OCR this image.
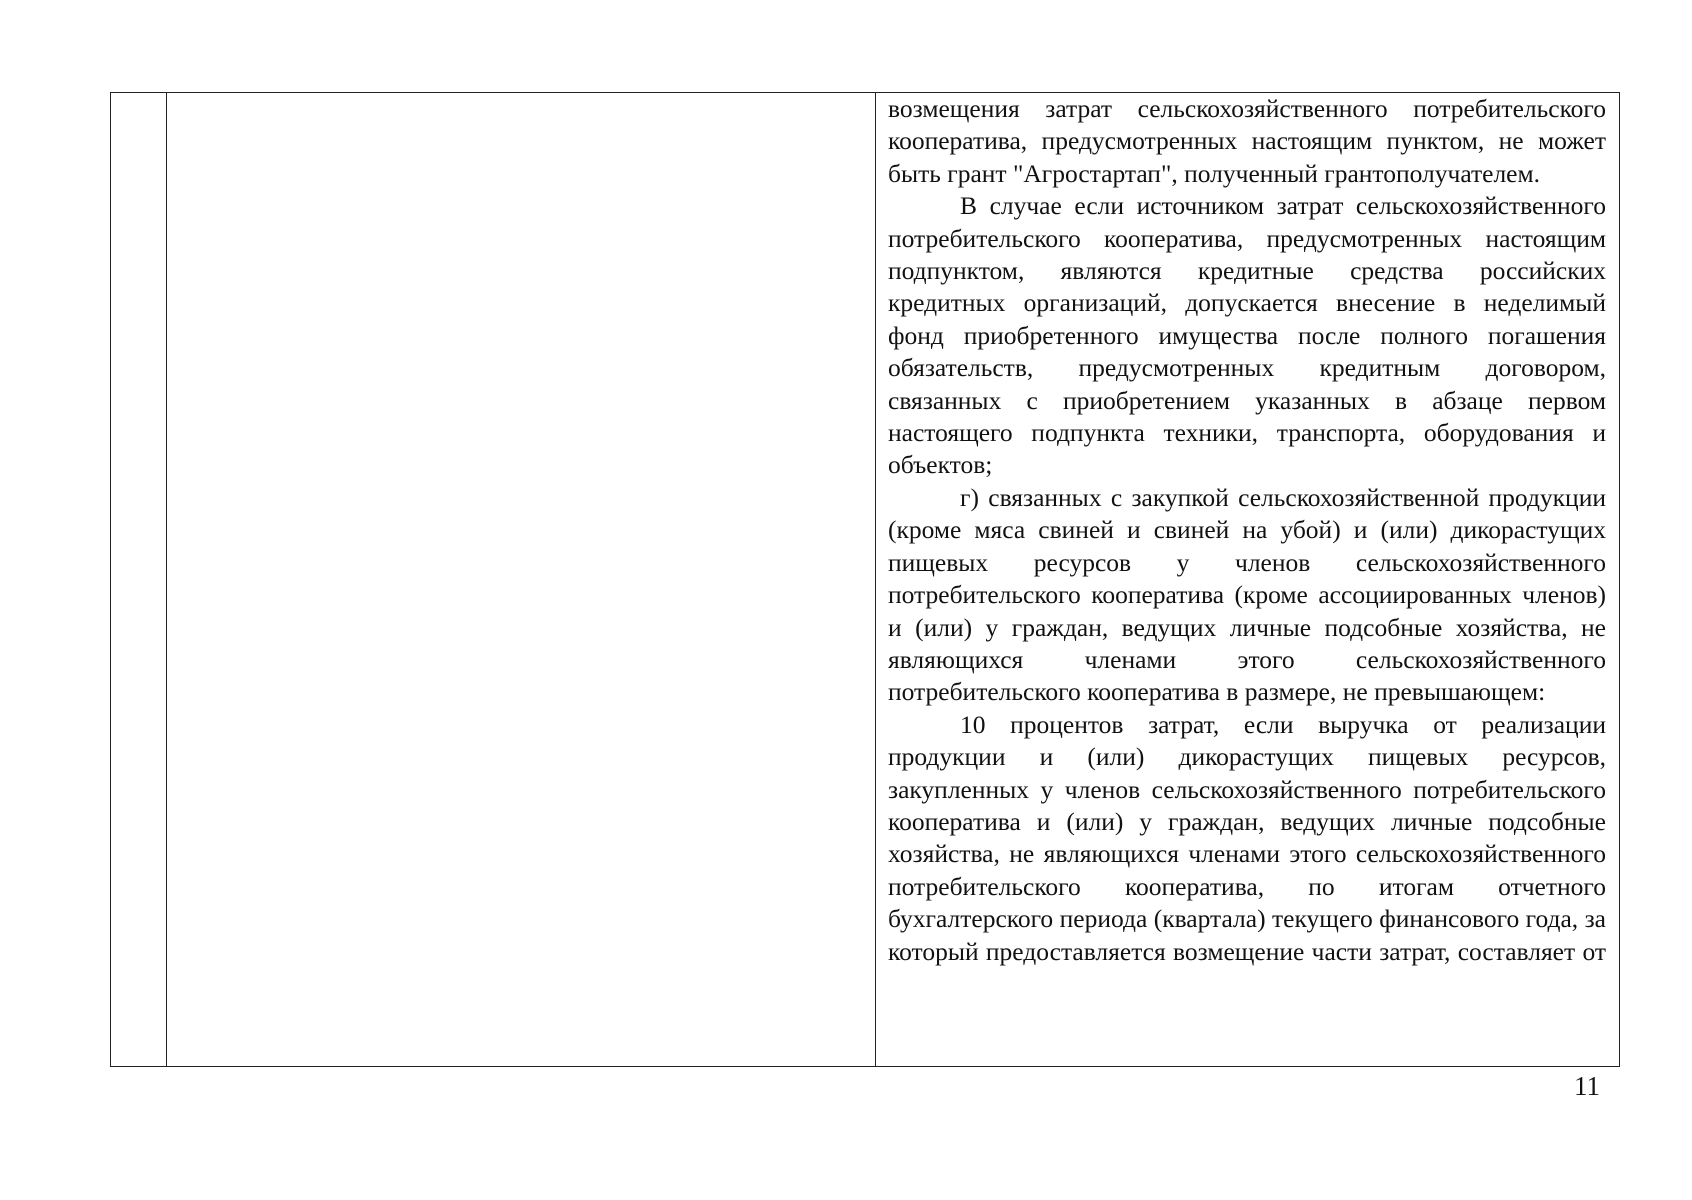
возмещения затрат сельскохозяйственного потребительского кооператива, предусмотренных настоящим пунктом, не может быть грант "Агростартап", полученный грантополучателем.

В случае если источником затрат сельскохозяйственного потребительского кооператива, предусмотренных настоящим подпунктом, являются кредитные средства российских кредитных организаций, допускается внесение в неделимый фонд приобретенного имущества после полного погашения обязательств, предусмотренных кредитным договором, связанных с приобретением указанных в абзаце первом настоящего подпункта техники, транспорта, оборудования и объектов;

г) связанных с закупкой сельскохозяйственной продукции (кроме мяса свиней и свиней на убой) и (или) дикорастущих пищевых ресурсов у членов сельскохозяйственного потребительского кооператива (кроме ассоциированных членов) и (или) у граждан, ведущих личные подсобные хозяйства, не являющихся членами этого сельскохозяйственного потребительского кооператива в размере, не превышающем:

10 процентов затрат, если выручка от реализации продукции и (или) дикорастущих пищевых ресурсов, закупленных у членов сельскохозяйственного потребительского кооператива и (или) у граждан, ведущих личные подсобные хозяйства, не являющихся членами этого сельскохозяйственного потребительского кооператива, по итогам отчетного бухгалтерского периода (квартала) текущего финансового года, за который предоставляется возмещение части затрат, составляет от

11
